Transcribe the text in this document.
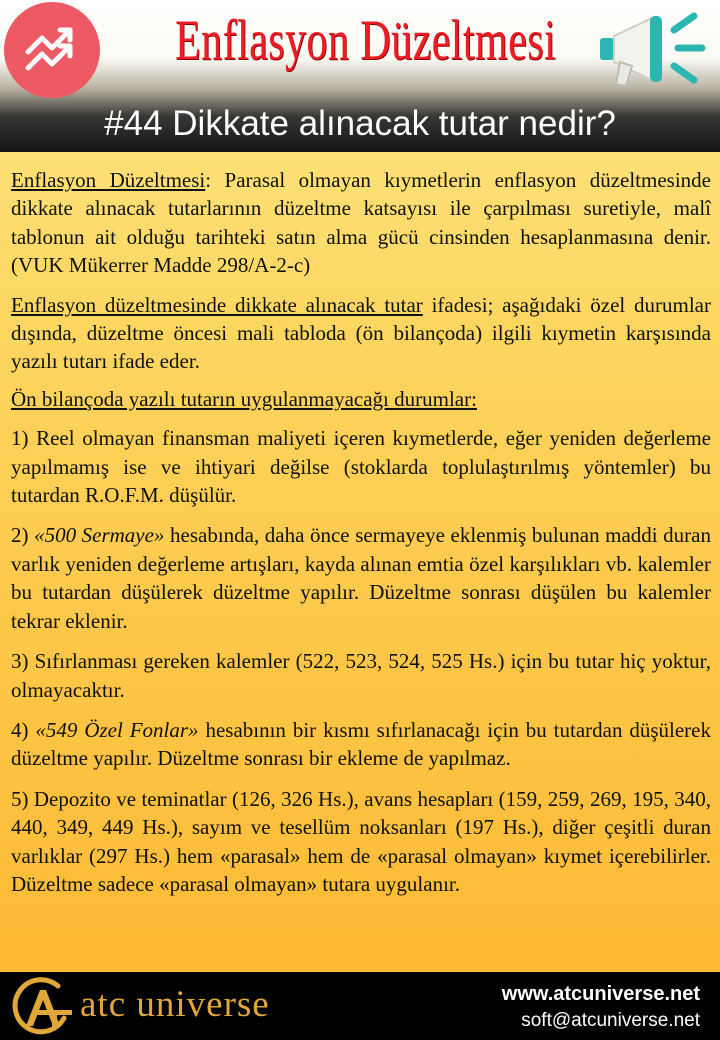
Enflasyon Düzeltmesi
#44 Dikkate alınacak tutar nedir?

Enflasyon Düzeltmesi: Parasal olmayan kıymetlerin enflasyon düzeltmesinde dikkate alınacak tutarlarının düzeltme katsayısı ile çarpılması suretiyle, malî tablonun ait olduğu tarihteki satın alma gücü cinsinden hesaplanmasına denir. (VUK Mükerrer Madde 298/A-2-c)

Enflasyon düzeltmesinde dikkate alınacak tutar ifadesi; aşağıdaki özel durumlar dışında, düzeltme öncesi mali tabloda (ön bilançoda) ilgili kıymetin karşısında yazılı tutarı ifade eder.

Ön bilançoda yazılı tutarın uygulanmayacağı durumlar:

1) Reel olmayan finansman maliyeti içeren kıymetlerde, eğer yeniden değerleme yapılmamış ise ve ihtiyari değilse (stoklarda toplulaştırılmış yöntemler) bu tutardan R.O.F.M. düşülür.

2) «500 Sermaye» hesabında, daha önce sermayeye eklenmiş bulunan maddi duran varlık yeniden değerleme artışları, kayda alınan emtia özel karşılıkları vb. kalemler bu tutardan düşülerek düzeltme yapılır. Düzeltme sonrası düşülen bu kalemler tekrar eklenir.

3) Sıfırlanması gereken kalemler (522, 523, 524, 525 Hs.) için bu tutar hiç yoktur, olmayacaktır.

4) «549 Özel Fonlar» hesabının bir kısmı sıfırlanacağı için bu tutardan düşülerek düzeltme yapılır. Düzeltme sonrası bir ekleme de yapılmaz.

5) Depozito ve teminatlar (126, 326 Hs.), avans hesapları (159, 259, 269, 195, 340, 440, 349, 449 Hs.), sayım ve tesellüm noksanları (197 Hs.), diğer çeşitli duran varlıklar (297 Hs.) hem «parasal» hem de «parasal olmayan» kıymet içerebilirler. Düzeltme sadece «parasal olmayan» tutara uygulanır.

atc universe	www.atcuniverse.net
soft@atcuniverse.net
